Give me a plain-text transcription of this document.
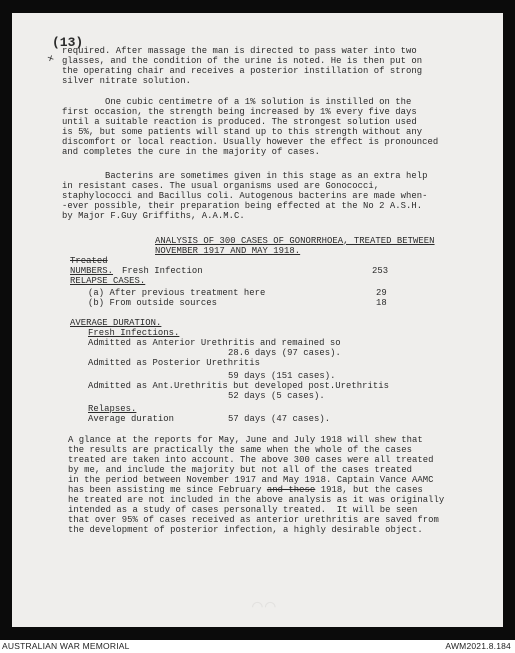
(13)
✕
required. After massage the man is directed to pass water into two
glasses, and the condition of the urine is noted. He is then put on
the operating chair and receives a posterior instillation of strong
silver nitrate solution.
One cubic centimetre of a 1% solution is instilled on the
first occasion, the strength being increased by 1% every five days
until a suitable reaction is produced. The strongest solution used
is 5%, but some patients will stand up to this strength without any
discomfort or local reaction. Usually however the effect is pronounced
and completes the cure in the majority of cases.
Bacterins are sometimes given in this stage as an extra help
in resistant cases. The usual organisms used are Gonococci,
staphylococci and Bacillus coli. Autogenous bacterins are made when-
-ever possible, their preparation being effected at the No 2 A.S.H.
by Major F.Guy Griffiths, A.A.M.C.
ANALYSIS OF 300 CASES OF GONORRHOEA, TREATED BETWEEN
NOVEMBER 1917 AND MAY 1918.
Treated
NUMBERS. Fresh Infection	253
RELAPSE CASES.
(a) After previous treatment here	29
(b) From outside sources	18
AVERAGE DURATION.
Fresh Infections.
Admitted as Anterior Urethritis and remained so
28.6 days (97 cases).
Admitted as Posterior Urethritis
59 days (151 cases).
Admitted as Ant.Urethritis but developed post.Urethritis
52 days (5 cases).
Relapses.
Average duration	57 days (47 cases).
A glance at the reports for May, June and July 1918 will shew that
the results are practically the same when the whole of the cases
treated are taken into account. The above 300 cases were all treated
by me, and include the majority but not all of the cases treated
in the period between November 1917 and May 1918. Captain Vance AAMC
has been assisting me since February and these 1918, but the cases
he treated are not included in the above analysis as it was originally
intended as a study of cases personally treated.  It will be seen
that over 95% of cases received as anterior urethritis are saved from
the development of posterior infection, a highly desirable object.
⌒⌒
AUSTRALIAN WAR MEMORIAL	AWM2021.8.184
